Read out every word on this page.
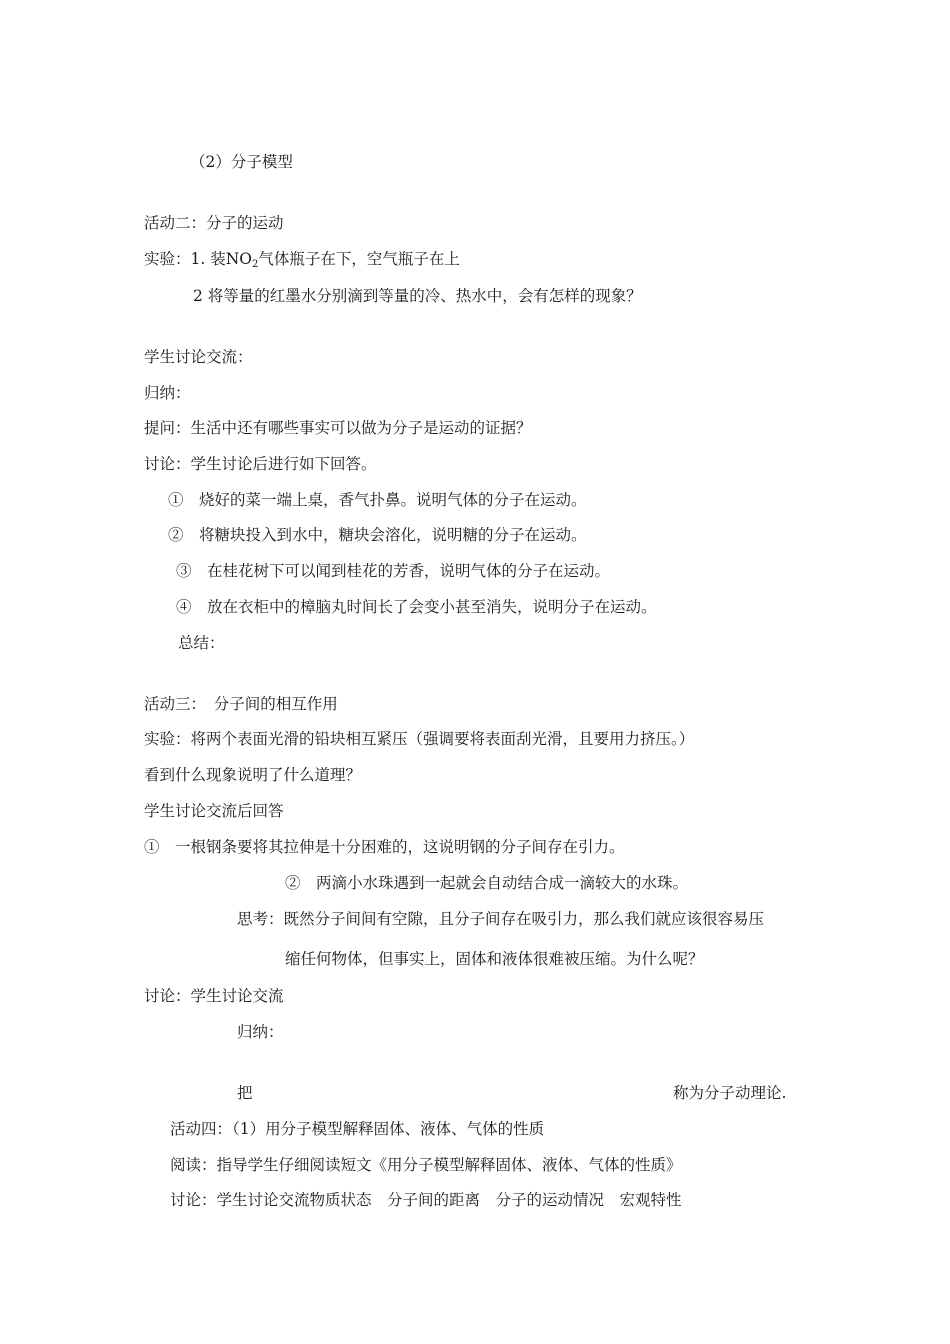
（2）分子模型
活动二：分子的运动
实验：1. 装NO2气体瓶子在下，空气瓶子在上
2 将等量的红墨水分别滴到等量的冷、热水中，会有怎样的现象？
学生讨论交流：
归纳：
提问：生活中还有哪些事实可以做为分子是运动的证据？
讨论：学生讨论后进行如下回答。
①　烧好的菜一端上桌，香气扑鼻。说明气体的分子在运动。
②　将糖块投入到水中，糖块会溶化，说明糖的分子在运动。
③　在桂花树下可以闻到桂花的芳香，说明气体的分子在运动。
④　放在衣柜中的樟脑丸时间长了会变小甚至消失，说明分子在运动。
总结：
活动三：　分子间的相互作用
实验：将两个表面光滑的铅块相互紧压（强调要将表面刮光滑，且要用力挤压。）
看到什么现象说明了什么道理？
学生讨论交流后回答
①　一根钢条要将其拉伸是十分困难的，这说明钢的分子间存在引力。
②　两滴小水珠遇到一起就会自动结合成一滴较大的水珠。
思考：既然分子间间有空隙，且分子间存在吸引力，那么我们就应该很容易压
缩任何物体，但事实上，固体和液体很难被压缩。为什么呢？
讨论：学生讨论交流
归纳：
把	称为分子动理论.
活动四：（1）用分子模型解释固体、液体、气体的性质
阅读：指导学生仔细阅读短文《用分子模型解释固体、液体、气体的性质》
讨论：学生讨论交流物质状态　分子间的距离　分子的运动情况　宏观特性
